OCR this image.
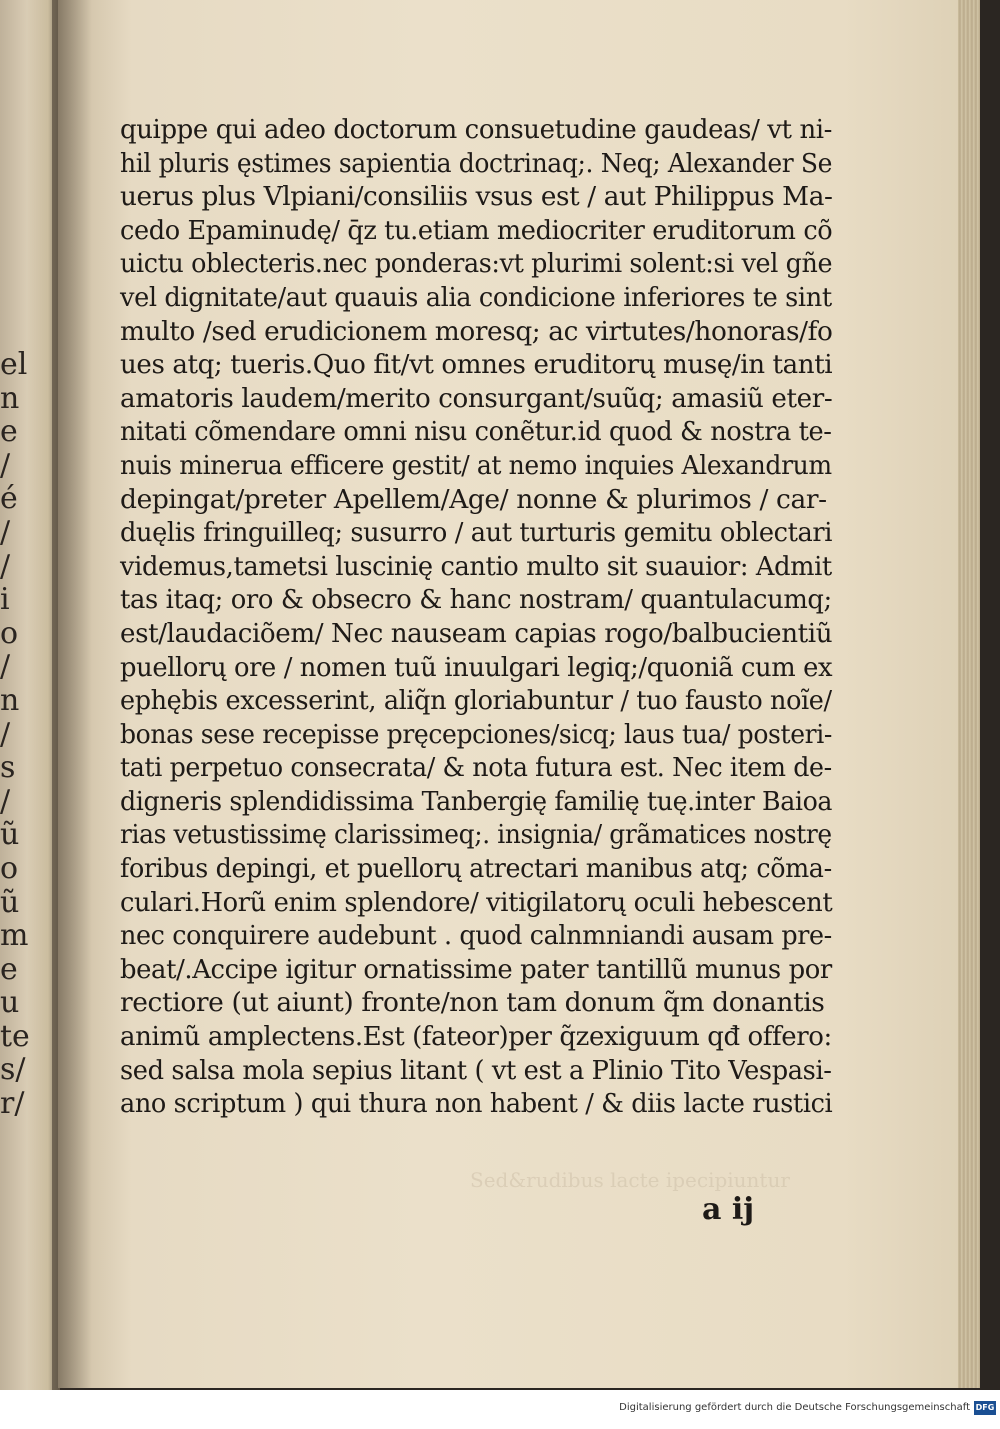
el
n
e
/
é
/
/
i
o
/
n
/
s
/
ũ
o
ũ
m
e
u
te
s/
r/
quippe qui adeo doctorum consuetudine gaudeas/ vt ni-
hil pluris ęstimes sapientia doctrinaq;. Neq; Alexander Se
uerus plus Vlpiani/consiliis vsus est / aut Philippus Ma-
cedo Epaminudę/ q̄z tu.etiam mediocriter eruditorum cõ
uictu oblecteris.nec ponderas:vt plurimi solent:si vel gñe
vel dignitate/aut quauis alia condicione inferiores te sint
multo /sed erudicionem moresq; ac virtutes/honoras/fo
ues atq; tueris.Quo fit/vt omnes eruditorų musę/in tanti
amatoris laudem/merito consurgant/suũq; amasiũ eter-
nitati cõmendare omni nisu conẽtur.id quod & nostra te-
nuis minerua efficere gestit/ at nemo inquies Alexandrum
depingat/preter Apellem/Age/ nonne & plurimos / car-
duęlis fringuilleq; susurro / aut turturis gemitu oblectari
videmus,tametsi luscinię cantio multo sit suauior: Admit
tas itaq; oro & obsecro & hanc nostram/ quantulacumq;
est/laudaciõem/ Nec nauseam capias rogo/balbucientiũ
puellorų ore / nomen tuũ inuulgari legiq;/quoniã cum ex
ephębis excesserint, aliq̃n gloriabuntur / tuo fausto noĩe/
bonas sese recepisse pręcepciones/sicq; laus tua/ posteri-
tati perpetuo consecrata/ & nota futura est. Nec item de-
digneris splendidissima Tanbergię familię tuę.inter Baioa
rias vetustissimę clarissimeq;. insignia/ grãmatices nostrę
foribus depingi, et puellorų atrectari manibus atq; cõma-
culari.Horũ enim splendore/ vitigilatorų oculi hebescent
nec conquirere audebunt . quod calnmniandi ausam pre-
beat/.Accipe igitur ornatissime pater tantillũ munus por
rectiore (ut aiunt) fronte/non tam donum q̃m donantis
animũ amplectens.Est (fateor)per q̃zexiguum qđ offero:
sed salsa mola sepius litant ( vt est a Plinio Tito Vespasi-
ano scriptum ) qui thura non habent / & diis lacte rustici
Sed&rudibus lacte ipecipiuntur
a ij
Digitalisierung gefördert durch die Deutsche Forschungsgemeinschaft DFG
